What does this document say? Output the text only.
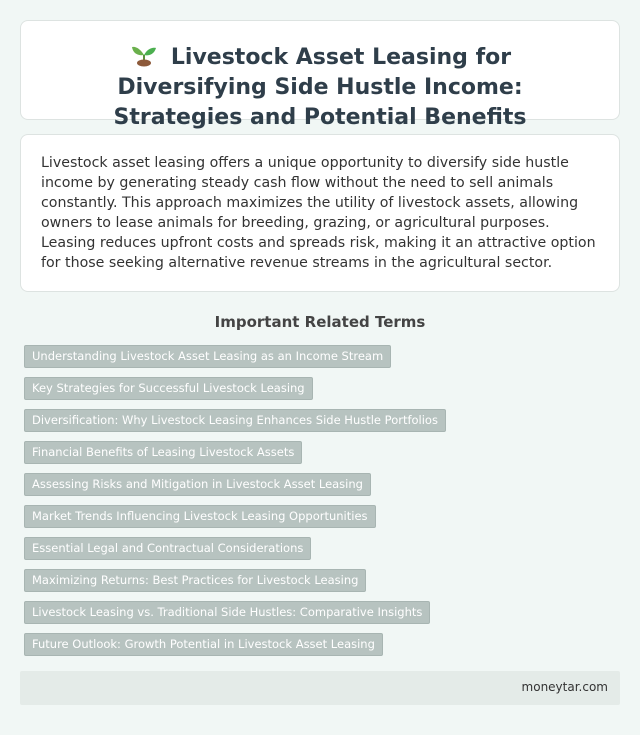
Livestock Asset Leasing for Diversifying Side Hustle Income: Strategies and Potential Benefits

Livestock asset leasing offers a unique opportunity to diversify side hustle income by generating steady cash flow without the need to sell animals constantly. This approach maximizes the utility of livestock assets, allowing owners to lease animals for breeding, grazing, or agricultural purposes. Leasing reduces upfront costs and spreads risk, making it an attractive option for those seeking alternative revenue streams in the agricultural sector.

Important Related Terms
Understanding Livestock Asset Leasing as an Income Stream
Key Strategies for Successful Livestock Leasing
Diversification: Why Livestock Leasing Enhances Side Hustle Portfolios
Financial Benefits of Leasing Livestock Assets
Assessing Risks and Mitigation in Livestock Asset Leasing
Market Trends Influencing Livestock Leasing Opportunities
Essential Legal and Contractual Considerations
Maximizing Returns: Best Practices for Livestock Leasing
Livestock Leasing vs. Traditional Side Hustles: Comparative Insights
Future Outlook: Growth Potential in Livestock Asset Leasing
moneytar.com
